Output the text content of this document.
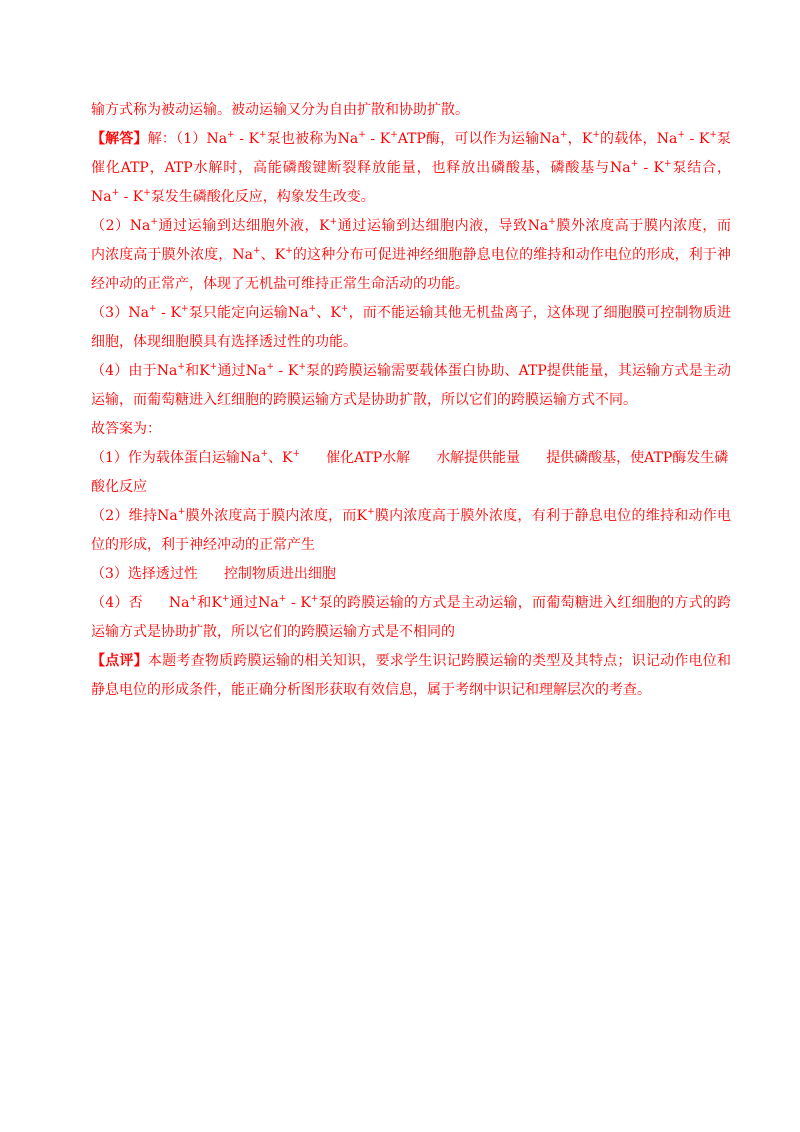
输方式称为被动运输。被动运输又分为自由扩散和协助扩散。
【解答】解：（1）Na+ - K+泵也被称为Na+ - K+ATP酶，可以作为运输Na+，K+的载体，Na+ - K+泵
催化ATP，ATP水解时，高能磷酸键断裂释放能量，也释放出磷酸基，磷酸基与Na+ - K+泵结合，
Na+ - K+泵发生磷酸化反应，构象发生改变。
（2）Na+通过运输到达细胞外液，K+通过运输到达细胞内液，导致Na+膜外浓度高于膜内浓度，而
内浓度高于膜外浓度，Na+、K+的这种分布可促进神经细胞静息电位的维持和动作电位的形成，利于神
经冲动的正常产，体现了无机盐可维持正常生命活动的功能。
（3）Na+ - K+泵只能定向运输Na+、K+，而不能运输其他无机盐离子，这体现了细胞膜可控制物质进
细胞，体现细胞膜具有选择透过性的功能。
（4）由于Na+和K+通过Na+ - K+泵的跨膜运输需要载体蛋白协助、ATP提供能量，其运输方式是主动
运输，而葡萄糖进入红细胞的跨膜运输方式是协助扩散，所以它们的跨膜运输方式不同。
故答案为：
（1）作为载体蛋白运输Na+、K+ 催化ATP水解 水解提供能量 提供磷酸基，使ATP酶发生磷
酸化反应
（2）维持Na+膜外浓度高于膜内浓度，而K+膜内浓度高于膜外浓度，有利于静息电位的维持和动作电
位的形成，利于神经冲动的正常产生
（3）选择透过性 控制物质进出细胞
（4）否 Na+和K+通过Na+ - K+泵的跨膜运输的方式是主动运输，而葡萄糖进入红细胞的方式的跨
运输方式是协助扩散，所以它们的跨膜运输方式是不相同的
【点评】本题考查物质跨膜运输的相关知识，要求学生识记跨膜运输的类型及其特点；识记动作电位和
静息电位的形成条件，能正确分析图形获取有效信息，属于考纲中识记和理解层次的考查。
